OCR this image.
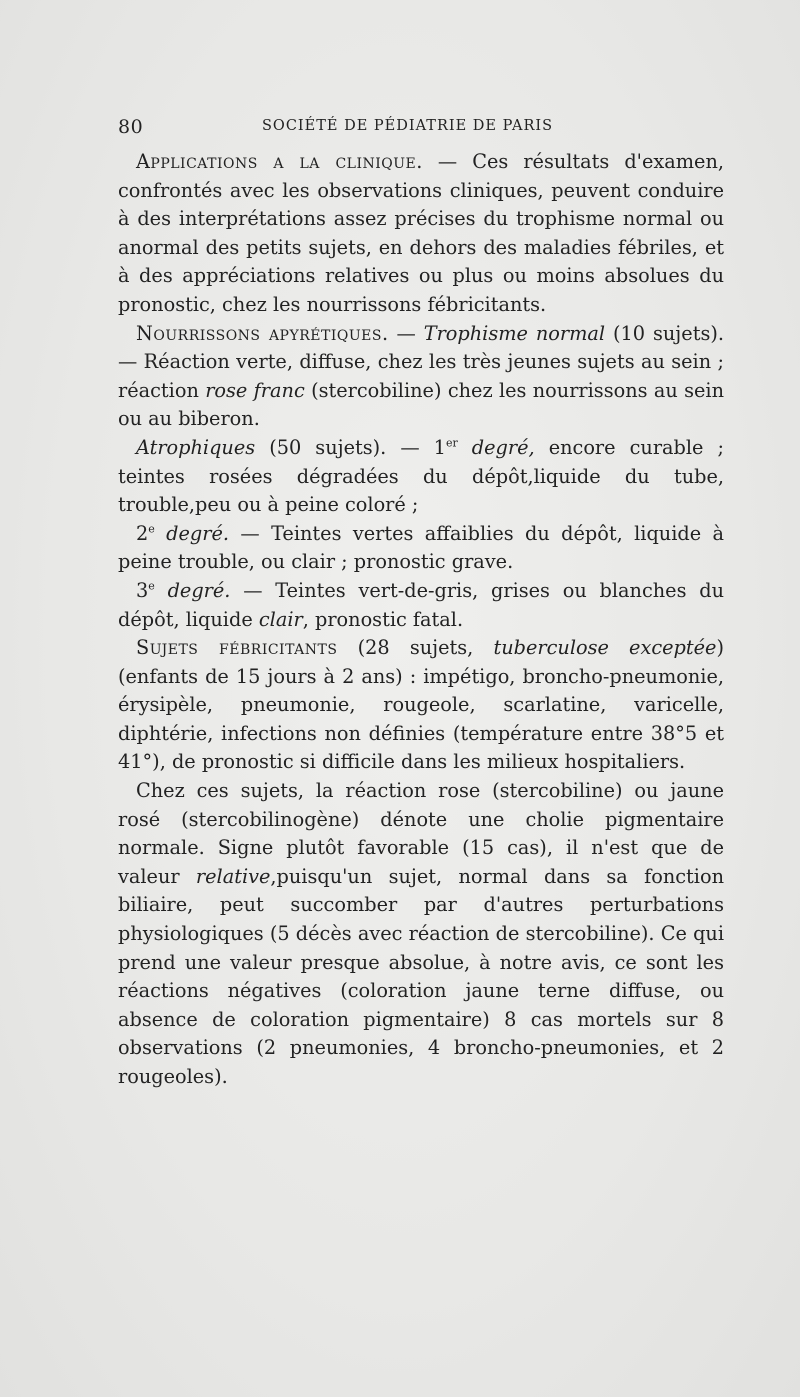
80	SOCIÉTÉ DE PÉDIATRIE DE PARIS

Applications a la clinique. — Ces résultats d'examen, confrontés avec les observations cliniques, peuvent conduire à des interprétations assez précises du trophisme normal ou anormal des petits sujets, en dehors des maladies fébriles, et à des appréciations relatives ou plus ou moins absolues du pronostic, chez les nourrissons fébricitants.

Nourrissons apyrétiques. — Trophisme normal (10 sujets). — Réaction verte, diffuse, chez les très jeunes sujets au sein ; réaction rose franc (stercobiline) chez les nourrissons au sein ou au biberon.

Atrophiques (50 sujets). — 1er degré, encore curable ; teintes rosées dégradées du dépôt,liquide du tube, trouble,peu ou à peine coloré ;

2e degré. — Teintes vertes affaiblies du dépôt, liquide à peine trouble, ou clair ; pronostic grave.

3e degré. — Teintes vert-de-gris, grises ou blanches du dépôt, liquide clair, pronostic fatal.

Sujets fébricitants (28 sujets, tuberculose exceptée) (enfants de 15 jours à 2 ans) : impétigo, broncho-pneumonie, érysipèle, pneumonie, rougeole, scarlatine, varicelle, diphtérie, infections non définies (température entre 38°5 et 41°), de pronostic si difficile dans les milieux hospitaliers.

Chez ces sujets, la réaction rose (stercobiline) ou jaune rosé (stercobilinogène) dénote une cholie pigmentaire normale. Signe plutôt favorable (15 cas), il n'est que de valeur relative,puisqu'un sujet, normal dans sa fonction biliaire, peut succomber par d'autres perturbations physiologiques (5 décès avec réaction de stercobiline). Ce qui prend une valeur presque absolue, à notre avis, ce sont les réactions négatives (coloration jaune terne diffuse, ou absence de coloration pigmentaire) 8 cas mortels sur 8 observations (2 pneumonies, 4 broncho-pneumonies, et 2 rougeoles).
